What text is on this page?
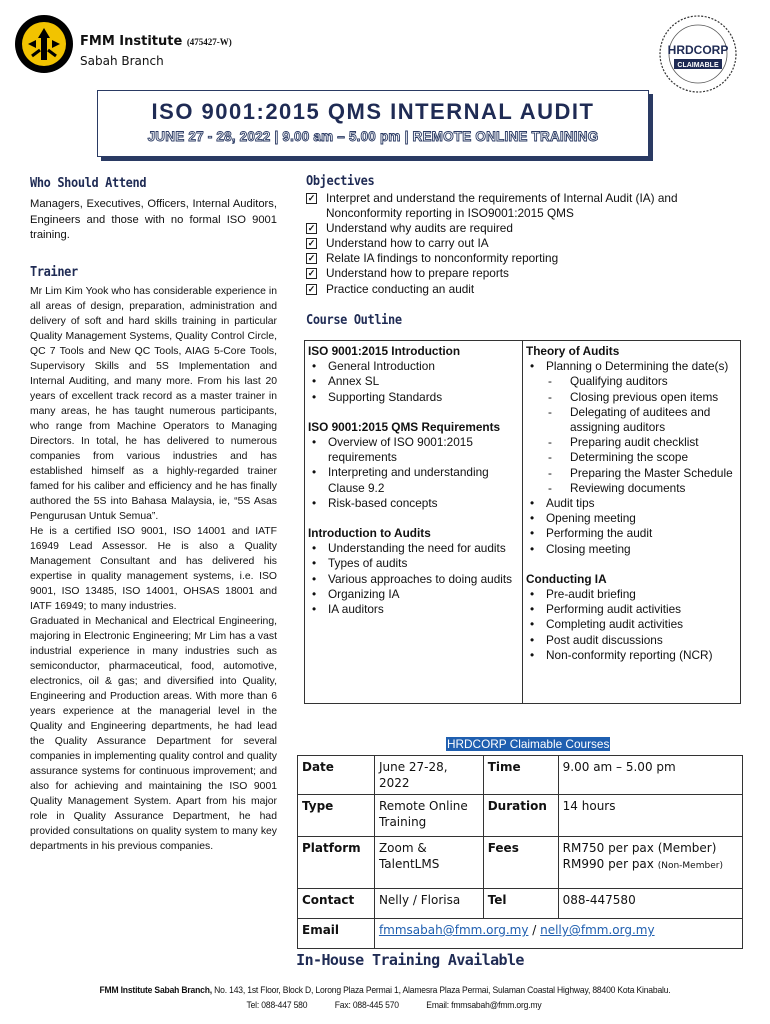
FMM Institute (475427-W)
Sabah Branch
HRDCORP
CLAIMABLE
ISO 9001:2015 QMS INTERNAL AUDIT
JUNE 27 - 28, 2022 | 9.00 am – 5.00 pm | REMOTE ONLINE TRAINING
Who Should Attend
Managers, Executives, Officers, Internal Auditors, Engineers and those with no formal ISO 9001 training.
Trainer

Mr Lim Kim Yook who has considerable experience in all areas of design, preparation, administration and delivery of soft and hard skills training in particular Quality Management Systems, Quality Control Circle, QC 7 Tools and New QC Tools, AIAG 5-Core Tools, Supervisory Skills and 5S Implementation and Internal Auditing, and many more. From his last 20 years of excellent track record as a master trainer in many areas, he has taught numerous participants, who range from Machine Operators to Managing Directors. In total, he has delivered to numerous companies from various industries and has established himself as a highly-regarded trainer famed for his caliber and efficiency and he has finally authored the 5S into Bahasa Malaysia, ie, “5S Asas Pengurusan Untuk Semua”.

He is a certified ISO 9001, ISO 14001 and IATF 16949 Lead Assessor. He is also a Quality Management Consultant and has delivered his expertise in quality management systems, i.e. ISO 9001, ISO 13485, ISO 14001, OHSAS 18001 and IATF 16949; to many industries.

Graduated in Mechanical and Electrical Engineering, majoring in Electronic Engineering; Mr Lim has a vast industrial experience in many industries such as semiconductor, pharmaceutical, food, automotive, electronics, oil & gas; and diversified into Quality, Engineering and Production areas. With more than 6 years experience at the managerial level in the Quality and Engineering departments, he had lead the Quality Assurance Department for several companies in implementing quality control and quality assurance systems for continuous improvement; and also for achieving and maintaining the ISO 9001 Quality Management System. Apart from his major role in Quality Assurance Department, he had provided consultations on quality system to many key departments in his previous companies.

Objectives
✓ Interpret and understand the requirements of Internal Audit (IA) and Nonconformity reporting in ISO9001:2015 QMS
✓ Understand why audits are required
✓ Understand how to carry out IA
✓ Relate IA findings to nonconformity reporting
✓ Understand how to prepare reports
✓ Practice conducting an audit
Course Outline
ISO 9001:2015 Introduction
• General Introduction
• Annex SL
• Supporting Standards
ISO 9001:2015 QMS Requirements
• Overview of ISO 9001:2015 requirements
• Interpreting and understanding Clause 9.2
• Risk-based concepts
Introduction to Audits
• Understanding the need for audits
• Types of audits
• Various approaches to doing audits
• Organizing IA
• IA auditors
Theory of Audits
• Planning o Determining the date(s)
- Qualifying auditors
- Closing previous open items
- Delegating of auditees and assigning auditors
- Preparing audit checklist
- Determining the scope
- Preparing the Master Schedule
- Reviewing documents
• Audit tips
• Opening meeting
• Performing the audit
• Closing meeting
Conducting IA
• Pre-audit briefing
• Performing audit activities
• Completing audit activities
• Post audit discussions
• Non-conformity reporting (NCR)
HRDCORP Claimable Courses
Date	June 27-28, 2022	Time	9.00 am – 5.00 pm
Type	Remote Online Training	Duration	14 hours
Platform	Zoom & TalentLMS	Fees	RM750 per pax (Member)
RM990 per pax (Non-Member)

Contact	Nelly / Florisa	Tel	088-447580
Email	fmmsabah@fmm.org.my / nelly@fmm.org.my		
In-House Training Available
FMM Institute Sabah Branch, No. 143, 1st Floor, Block D, Lorong Plaza Permai 1, Alamesra Plaza Permai, Sulaman Coastal Highway, 88400 Kota Kinabalu.
Tel: 088-447 580	Fax: 088-445 570	Email: fmmsabah@fmm.org.my
